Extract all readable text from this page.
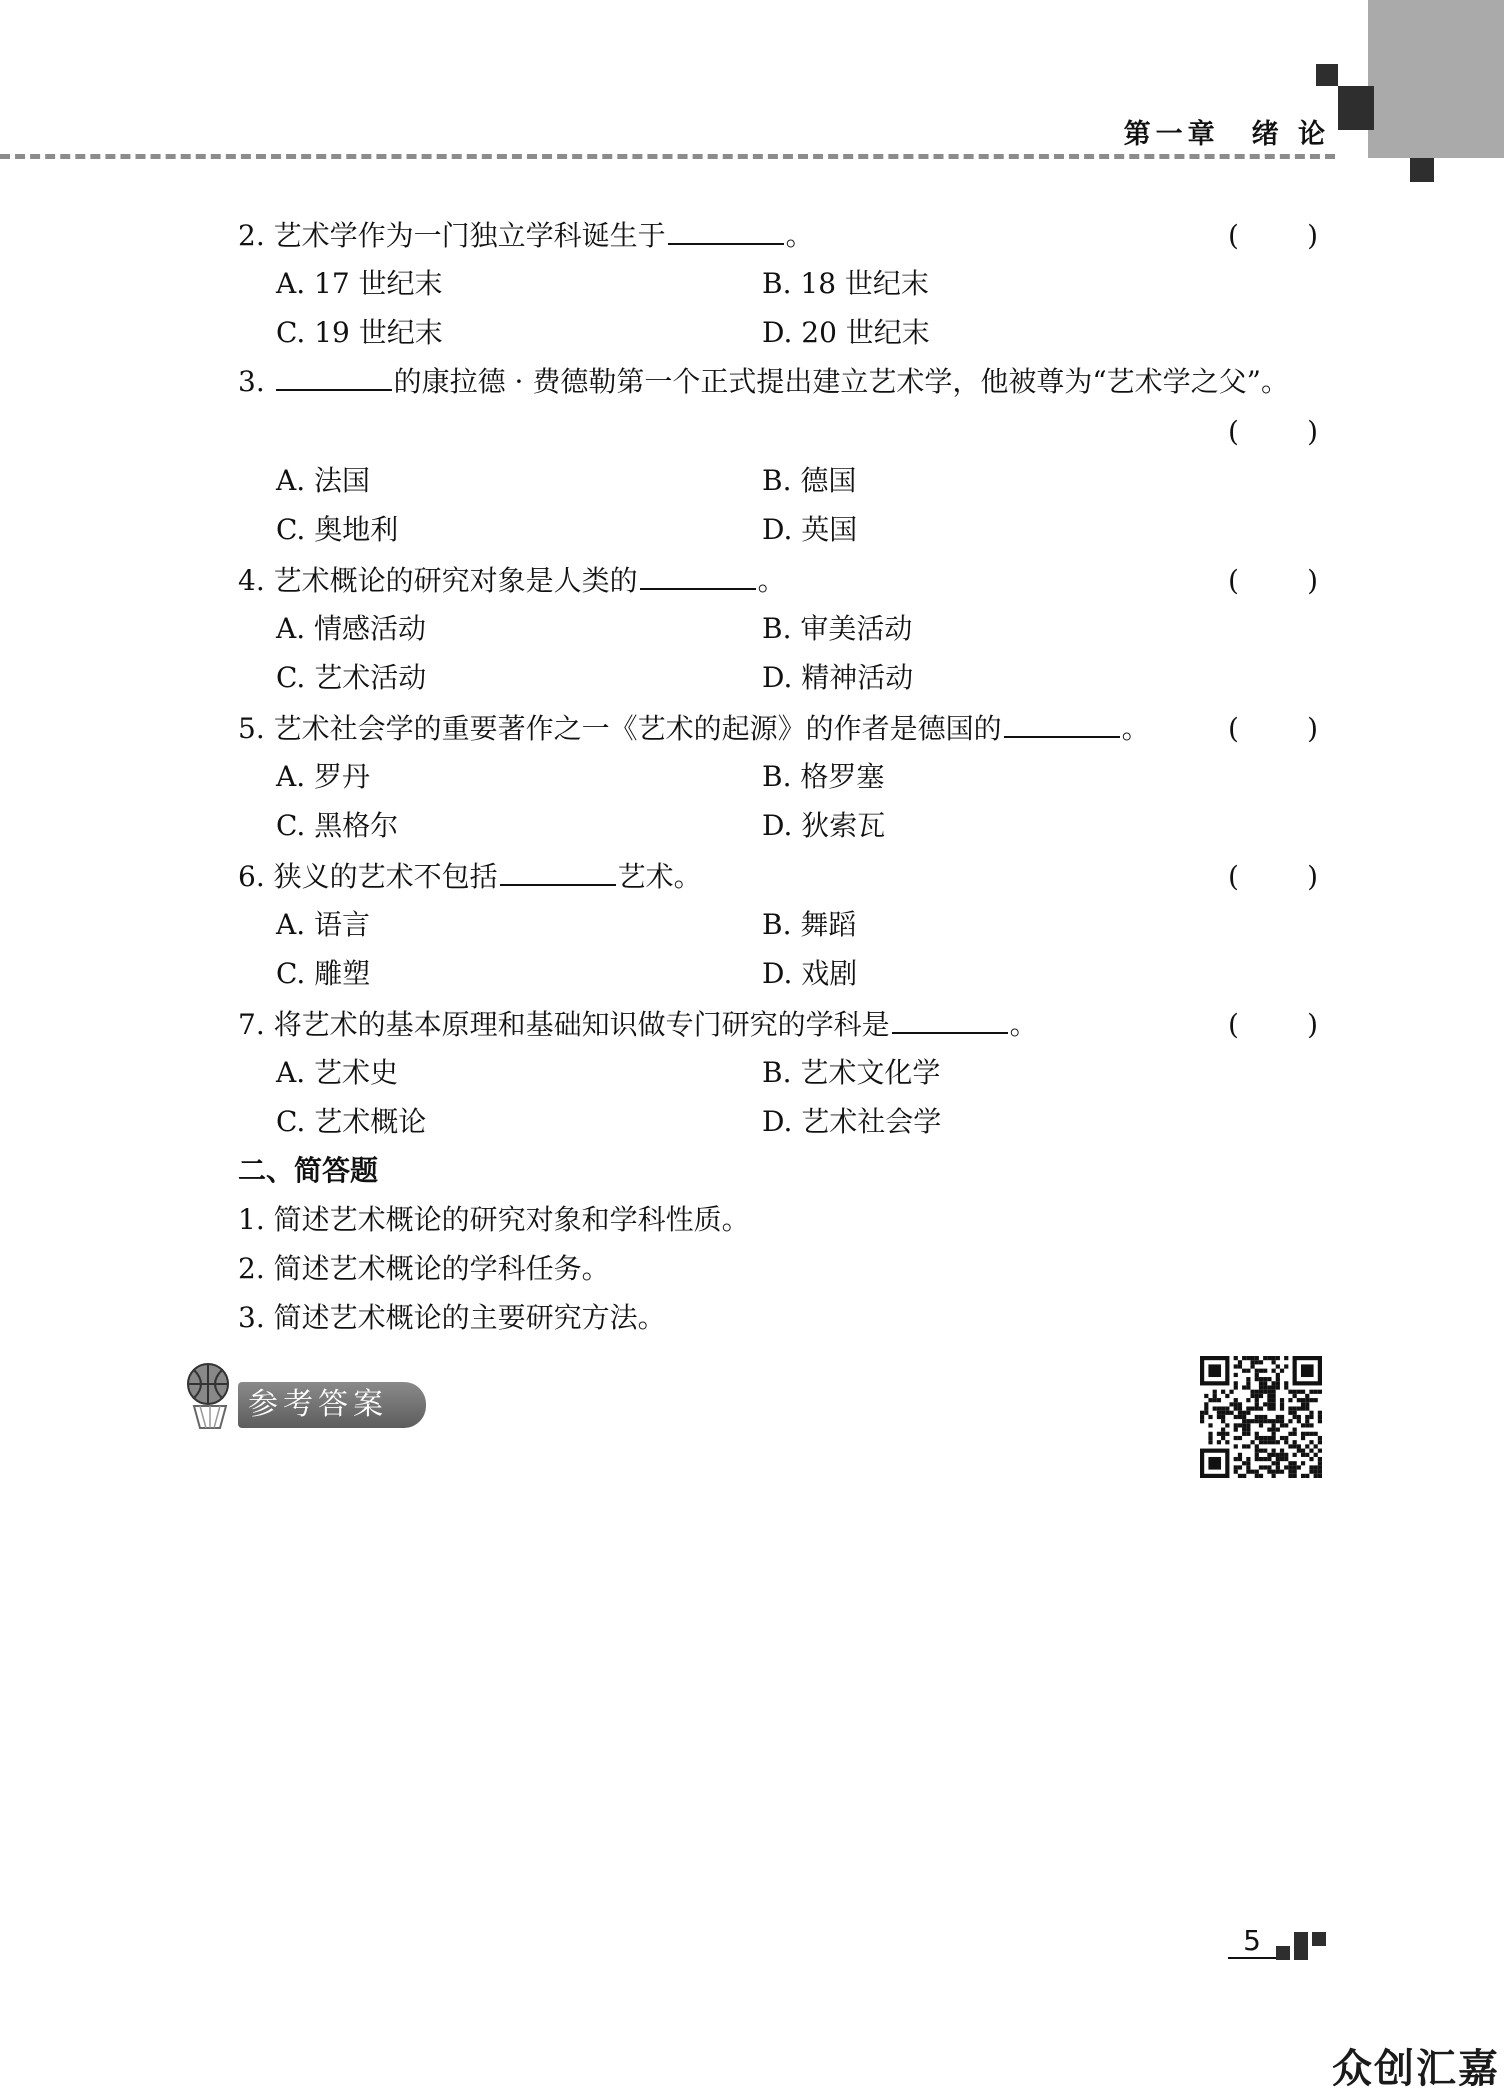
第一章　绪 论
2. 艺术学作为一门独立学科诞生于	。	( )
A. 17 世纪末	B. 18 世纪末
C. 19 世纪末	D. 20 世纪末
3.	的康拉德 · 费德勒第一个正式提出建立艺术学，他被尊为“艺术学之父”。
( )
A. 法国	B. 德国
C. 奥地利	D. 英国
4. 艺术概论的研究对象是人类的	。	( )
A. 情感活动	B. 审美活动
C. 艺术活动	D. 精神活动
5. 艺术社会学的重要著作之一《艺术的起源》的作者是德国的	。	( )
A. 罗丹	B. 格罗塞
C. 黑格尔	D. 狄索瓦
6. 狭义的艺术不包括	艺术。	( )
A. 语言	B. 舞蹈
C. 雕塑	D. 戏剧
7. 将艺术的基本原理和基础知识做专门研究的学科是	。	( )
A. 艺术史	B. 艺术文化学
C. 艺术概论	D. 艺术社会学
二、简答题
1. 简述艺术概论的研究对象和学科性质。
2. 简述艺术概论的学科任务。
3. 简述艺术概论的主要研究方法。
参考答案
5
众创汇嘉
